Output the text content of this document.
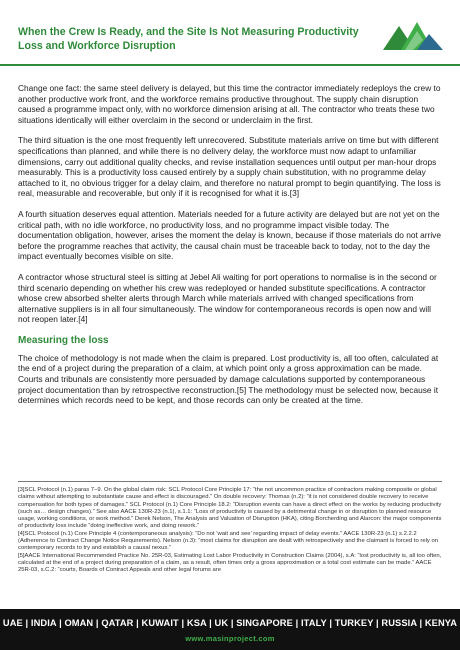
When the Crew Is Ready, and the Site Is Not Measuring Productivity Loss and Workforce Disruption

Change one fact: the same steel delivery is delayed, but this time the contractor immediately redeploys the crew to another productive work front, and the workforce remains productive throughout. The supply chain disruption caused a programme impact only, with no workforce dimension arising at all. The contractor who treats these two situations identically will either overclaim in the second or underclaim in the first.

The third situation is the one most frequently left unrecovered. Substitute materials arrive on time but with different specifications than planned, and while there is no delivery delay, the workforce must now adapt to unfamiliar dimensions, carry out additional quality checks, and revise installation sequences until output per man-hour drops measurably. This is a productivity loss caused entirely by a supply chain substitution, with no programme delay attached to it, no obvious trigger for a delay claim, and therefore no natural prompt to begin quantifying. The loss is real, measurable and recoverable, but only if it is recognised for what it is.[3]

A fourth situation deserves equal attention. Materials needed for a future activity are delayed but are not yet on the critical path, with no idle workforce, no productivity loss, and no programme impact visible today. The documentation obligation, however, arises the moment the delay is known, because if those materials do not arrive before the programme reaches that activity, the causal chain must be traceable back to today, not to the day the impact eventually becomes visible on site.

A contractor whose structural steel is sitting at Jebel Ali waiting for port operations to normalise is in the second or third scenario depending on whether his crew was redeployed or handed substitute specifications. A contractor whose crew absorbed shelter alerts through March while materials arrived with changed specifications from alternative suppliers is in all four simultaneously. The window for contemporaneous records is open now and will not reopen later.[4]

Measuring the loss

The choice of methodology is not made when the claim is prepared. Lost productivity is, all too often, calculated at the end of a project during the preparation of a claim, at which point only a gross approximation can be made. Courts and tribunals are consistently more persuaded by damage calculations supported by contemporaneous project documentation than by retrospective reconstruction.[5] The methodology must be selected now, because it determines which records need to be kept, and those records can only be created at the time.

[3]SCL Protocol (n.1) paras 7–9. On the global claim risk: SCL Protocol Core Principle 17: “the not uncommon practice of contractors making composite or global claims without attempting to substantiate cause and effect is discouraged.” On double recovery: Thomas (n.2): “it is not considered double recovery to receive compensation for both types of damages.” SCL Protocol (n.1) Core Principle 18.2: “Disruption events can have a direct effect on the works by reducing productivity (such as… design changes).” See also AACE 130R-23 (n.1), s.1.1: “Loss of productivity is caused by a detrimental change in or disruption to planned resource usage, working conditions, or work method.” Derek Nelson, The Analysis and Valuation of Disruption (HKA), citing Borcherding and Alarcon: the major components of productivity loss include “doing ineffective work, and doing rework.”

[4]SCL Protocol (n.1) Core Principle 4 (contemporaneous analysis): “Do not ‘wait and see’ regarding impact of delay events.” AACE 130R-23 (n.1) s.2.2.2 (Adherence to Contract Change Notice Requirements). Nelson (n.3): “most claims for disruption are dealt with retrospectively and the claimant is forced to rely on contemporary records to try and establish a causal nexus.”

[5]AACE International Recommended Practice No. 25R-03, Estimating Lost Labor Productivity in Construction Claims (2004), s.A: “lost productivity is, all too often, calculated at the end of a project during preparation of a claim, as a result, often times only a gross approximation or a total cost estimate can be made.” AACE 25R-03, s.C.2: “courts, Boards of Contract Appeals and other legal forums are

UAE | INDIA | OMAN | QATAR | KUWAIT | KSA | UK | SINGAPORE | ITALY | TURKEY | RUSSIA | KENYA
www.masinproject.com
